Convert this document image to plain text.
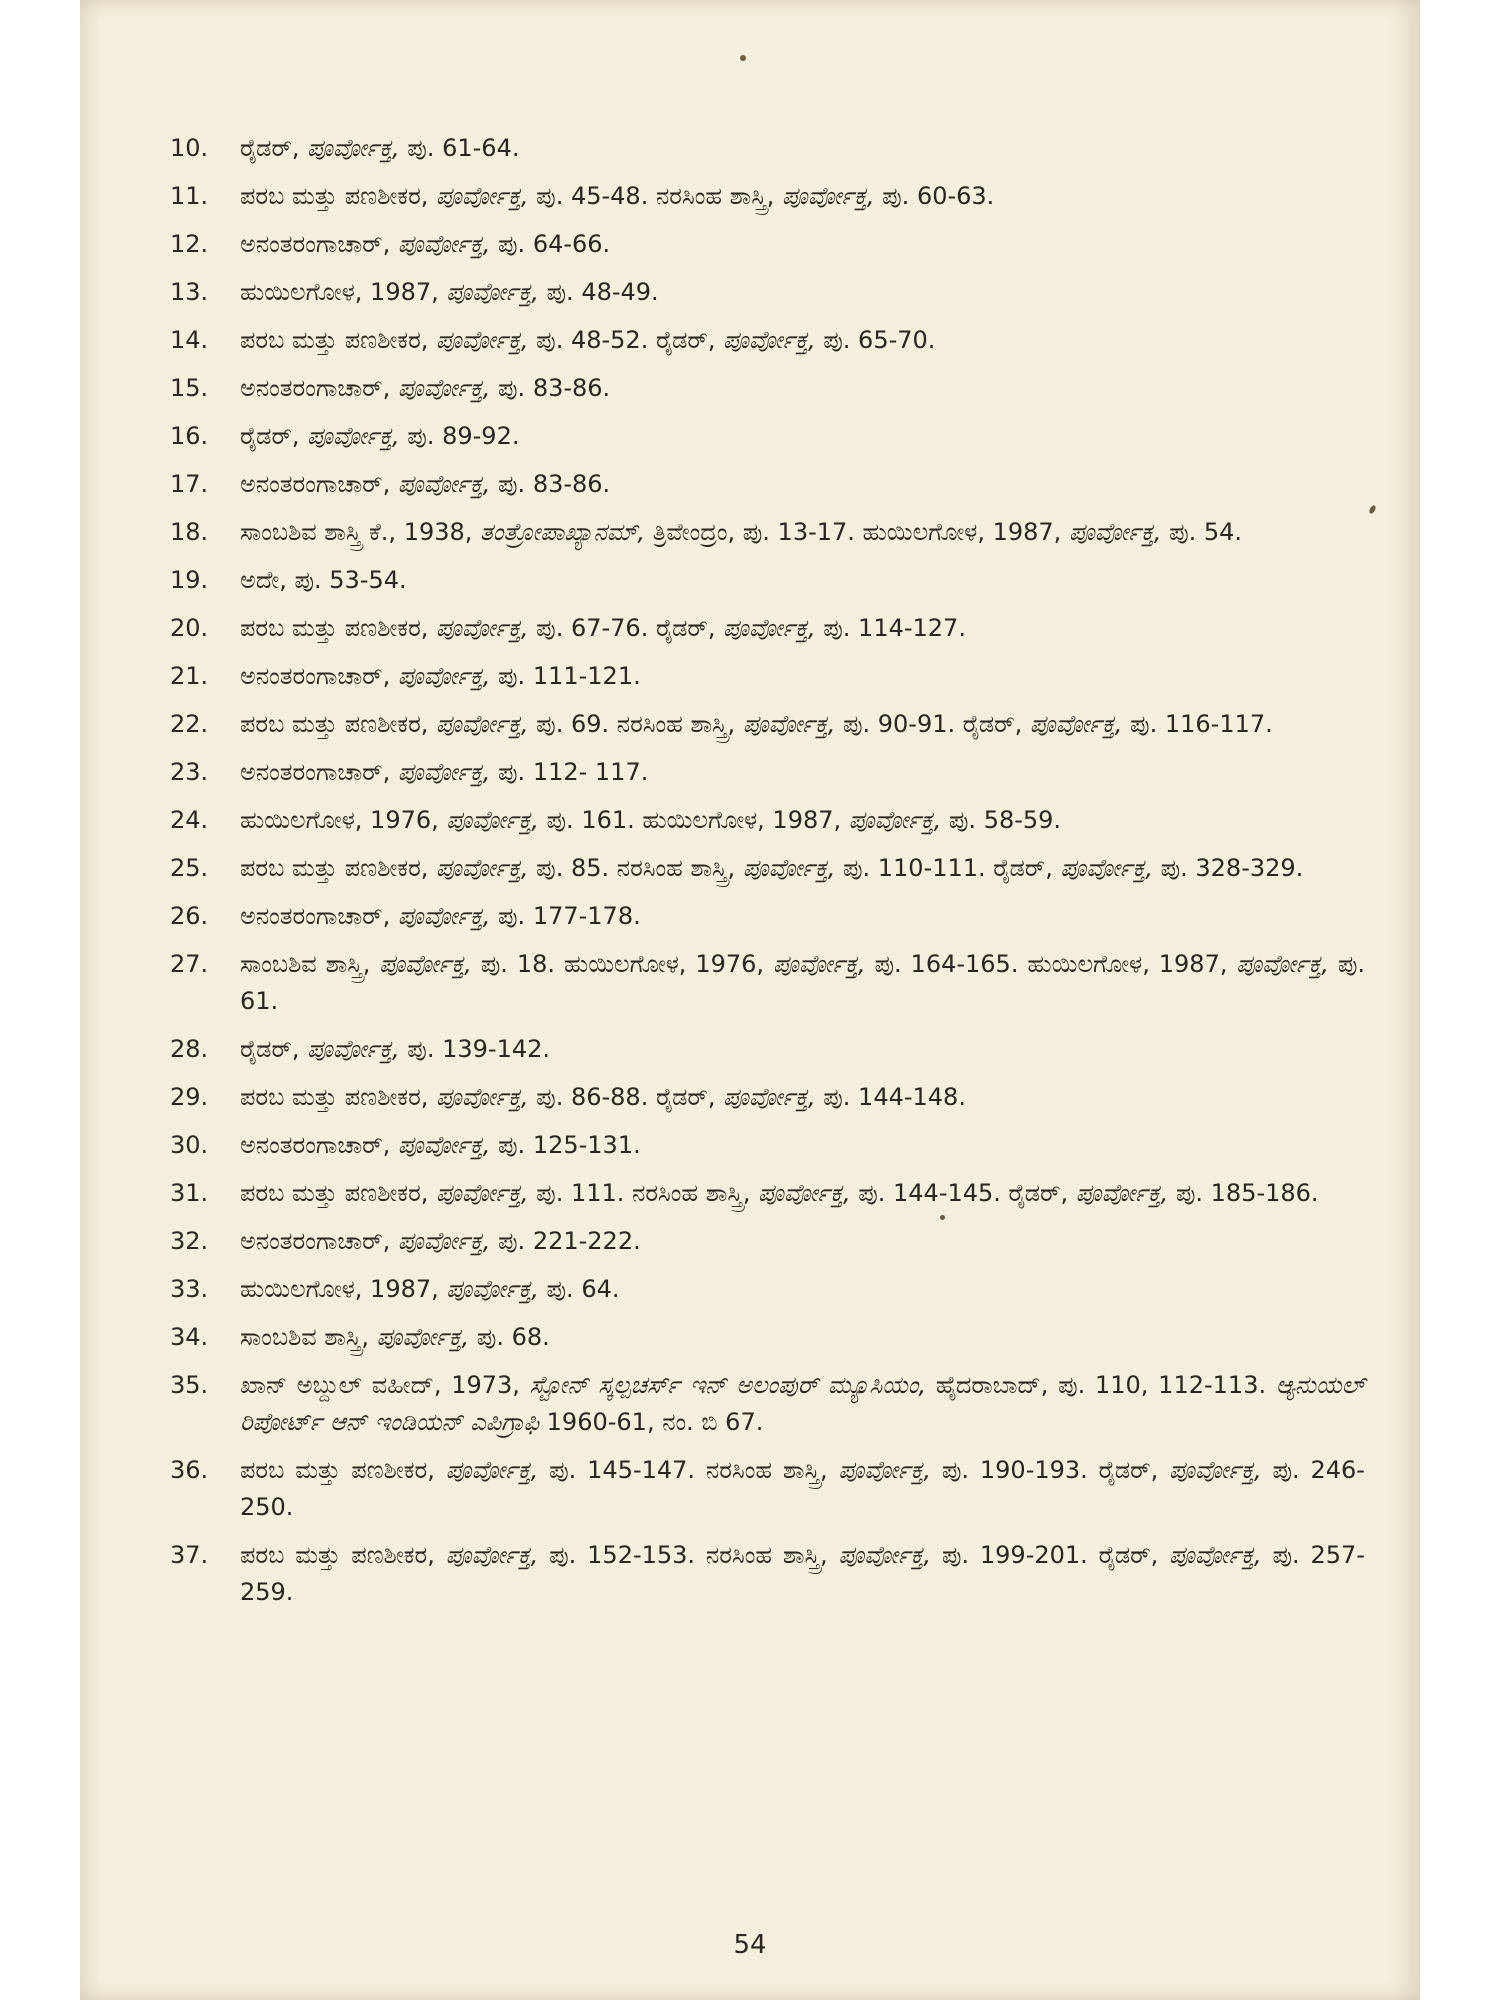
10.	ರೈಡರ್, ಪೂರ್ವೋಕ್ತ, ಪು. 61-64.
11.	ಪರಬ ಮತ್ತು ಪಣಶೀಕರ, ಪೂರ್ವೋಕ್ತ, ಪು. 45-48. ನರಸಿಂಹ ಶಾಸ್ತ್ರಿ, ಪೂರ್ವೋಕ್ತ, ಪು. 60-63.
12.	ಅನಂತರಂಗಾಚಾರ್, ಪೂರ್ವೋಕ್ತ, ಪು. 64-66.
13.	ಹುಯಿಲಗೋಳ, 1987, ಪೂರ್ವೋಕ್ತ, ಪು. 48-49.
14.	ಪರಬ ಮತ್ತು ಪಣಶೀಕರ, ಪೂರ್ವೋಕ್ತ, ಪು. 48-52. ರೈಡರ್, ಪೂರ್ವೋಕ್ತ, ಪು. 65-70.
15.	ಅನಂತರಂಗಾಚಾರ್, ಪೂರ್ವೋಕ್ತ, ಪು. 83-86.
16.	ರೈಡರ್, ಪೂರ್ವೋಕ್ತ, ಪು. 89-92.
17.	ಅನಂತರಂಗಾಚಾರ್, ಪೂರ್ವೋಕ್ತ, ಪು. 83-86.
18.	ಸಾಂಬಶಿವ ಶಾಸ್ತ್ರಿ ಕೆ., 1938, ತಂತ್ರೋಪಾಖ್ಯಾನಮ್, ತ್ರಿವೇಂದ್ರಂ, ಪು. 13-17. ಹುಯಿಲಗೋಳ, 1987, ಪೂರ್ವೋಕ್ತ, ಪು. 54.
19.	ಅದೇ, ಪು. 53-54.
20.	ಪರಬ ಮತ್ತು ಪಣಶೀಕರ, ಪೂರ್ವೋಕ್ತ, ಪು. 67-76. ರೈಡರ್, ಪೂರ್ವೋಕ್ತ, ಪು. 114-127.
21.	ಅನಂತರಂಗಾಚಾರ್, ಪೂರ್ವೋಕ್ತ, ಪು. 111-121.
22.	ಪರಬ ಮತ್ತು ಪಣಶೀಕರ, ಪೂರ್ವೋಕ್ತ, ಪು. 69. ನರಸಿಂಹ ಶಾಸ್ತ್ರಿ, ಪೂರ್ವೋಕ್ತ, ಪು. 90-91. ರೈಡರ್, ಪೂರ್ವೋಕ್ತ, ಪು. 116-117.
23.	ಅನಂತರಂಗಾಚಾರ್, ಪೂರ್ವೋಕ್ತ, ಪು. 112- 117.
24.	ಹುಯಿಲಗೋಳ, 1976, ಪೂರ್ವೋಕ್ತ, ಪು. 161. ಹುಯಿಲಗೋಳ, 1987, ಪೂರ್ವೋಕ್ತ, ಪು. 58-59.
25.	ಪರಬ ಮತ್ತು ಪಣಶೀಕರ, ಪೂರ್ವೋಕ್ತ, ಪು. 85. ನರಸಿಂಹ ಶಾಸ್ತ್ರಿ, ಪೂರ್ವೋಕ್ತ, ಪು. 110-111. ರೈಡರ್, ಪೂರ್ವೋಕ್ತ, ಪು. 328-329.
26.	ಅನಂತರಂಗಾಚಾರ್, ಪೂರ್ವೋಕ್ತ, ಪು. 177-178.
27.	ಸಾಂಬಶಿವ ಶಾಸ್ತ್ರಿ, ಪೂರ್ವೋಕ್ತ, ಪು. 18. ಹುಯಿಲಗೋಳ, 1976, ಪೂರ್ವೋಕ್ತ, ಪು. 164-165. ಹುಯಿಲಗೋಳ, 1987, ಪೂರ್ವೋಕ್ತ, ಪು. 61.
28.	ರೈಡರ್, ಪೂರ್ವೋಕ್ತ, ಪು. 139-142.
29.	ಪರಬ ಮತ್ತು ಪಣಶೀಕರ, ಪೂರ್ವೋಕ್ತ, ಪು. 86-88. ರೈಡರ್, ಪೂರ್ವೋಕ್ತ, ಪು. 144-148.
30.	ಅನಂತರಂಗಾಚಾರ್, ಪೂರ್ವೋಕ್ತ, ಪು. 125-131.
31.	ಪರಬ ಮತ್ತು ಪಣಶೀಕರ, ಪೂರ್ವೋಕ್ತ, ಪು. 111. ನರಸಿಂಹ ಶಾಸ್ತ್ರಿ, ಪೂರ್ವೋಕ್ತ, ಪು. 144-145. ರೈಡರ್, ಪೂರ್ವೋಕ್ತ, ಪು. 185-186.
32.	ಅನಂತರಂಗಾಚಾರ್, ಪೂರ್ವೋಕ್ತ, ಪು. 221-222.
33.	ಹುಯಿಲಗೋಳ, 1987, ಪೂರ್ವೋಕ್ತ, ಪು. 64.
34.	ಸಾಂಬಶಿವ ಶಾಸ್ತ್ರಿ, ಪೂರ್ವೋಕ್ತ, ಪು. 68.
35.	ಖಾನ್ ಅಬ್ದುಲ್ ವಹೀದ್, 1973, ಸ್ಟೋನ್ ಸ್ಕಲ್ಪಚರ್ಸ್ ಇನ್ ಅಲಂಪುರ್ ಮ್ಯೂಸಿಯಂ, ಹೈದರಾಬಾದ್, ಪು. 110, 112-113. ಆ್ಯನುಯಲ್ ರಿಪೋರ್ಟ್ ಆನ್ ಇಂಡಿಯನ್ ಎಪಿಗ್ರಾಫಿ 1960-61, ನಂ. ಬಿ 67.
36.	ಪರಬ ಮತ್ತು ಪಣಶೀಕರ, ಪೂರ್ವೋಕ್ತ, ಪು. 145-147. ನರಸಿಂಹ ಶಾಸ್ತ್ರಿ, ಪೂರ್ವೋಕ್ತ, ಪು. 190-193. ರೈಡರ್, ಪೂರ್ವೋಕ್ತ, ಪು. 246-250.
37.	ಪರಬ ಮತ್ತು ಪಣಶೀಕರ, ಪೂರ್ವೋಕ್ತ, ಪು. 152-153. ನರಸಿಂಹ ಶಾಸ್ತ್ರಿ, ಪೂರ್ವೋಕ್ತ, ಪು. 199-201. ರೈಡರ್, ಪೂರ್ವೋಕ್ತ, ಪು. 257-259.
54
